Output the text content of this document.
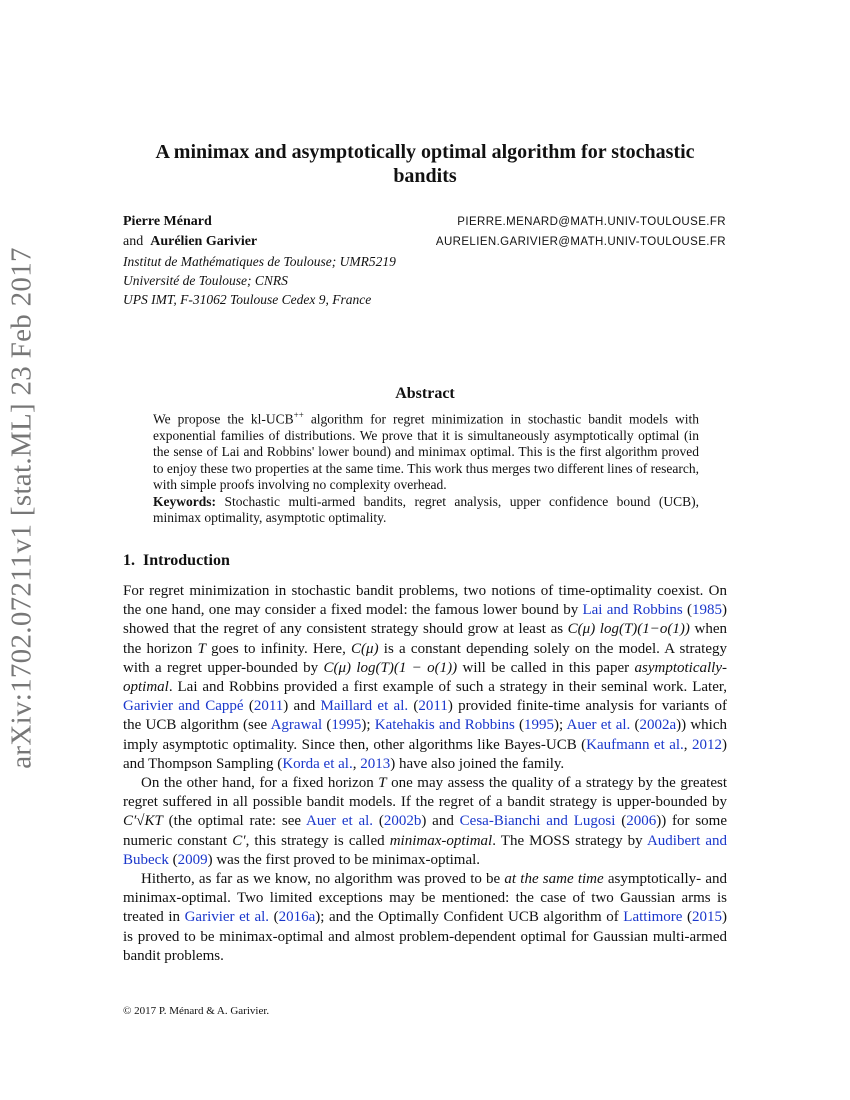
arXiv:1702.07211v1 [stat.ML] 23 Feb 2017
A minimax and asymptotically optimal algorithm for stochastic bandits
Pierre Ménard	PIERRE.MENARD@MATH.UNIV-TOULOUSE.FR
and Aurélien Garivier	AURELIEN.GARIVIER@MATH.UNIV-TOULOUSE.FR
Institut de Mathématiques de Toulouse; UMR5219
Université de Toulouse; CNRS
UPS IMT, F-31062 Toulouse Cedex 9, France
Abstract

We propose the kl-UCB++ algorithm for regret minimization in stochastic bandit models with exponential families of distributions. We prove that it is simultaneously asymptotically optimal (in the sense of Lai and Robbins' lower bound) and minimax optimal. This is the first algorithm proved to enjoy these two properties at the same time. This work thus merges two different lines of research, with simple proofs involving no complexity overhead.

Keywords: Stochastic multi-armed bandits, regret analysis, upper confidence bound (UCB), minimax optimality, asymptotic optimality.

1. Introduction

For regret minimization in stochastic bandit problems, two notions of time-optimality coexist. On the one hand, one may consider a fixed model: the famous lower bound by Lai and Robbins (1985) showed that the regret of any consistent strategy should grow at least as C(μ) log(T)(1−o(1)) when the horizon T goes to infinity. Here, C(μ) is a constant depending solely on the model. A strategy with a regret upper-bounded by C(μ) log(T)(1 − o(1)) will be called in this paper asymptotically-optimal. Lai and Robbins provided a first example of such a strategy in their seminal work. Later, Garivier and Cappé (2011) and Maillard et al. (2011) provided finite-time analysis for variants of the UCB algorithm (see Agrawal (1995); Katehakis and Robbins (1995); Auer et al. (2002a)) which imply asymptotic optimality. Since then, other algorithms like Bayes-UCB (Kaufmann et al., 2012) and Thompson Sampling (Korda et al., 2013) have also joined the family.

On the other hand, for a fixed horizon T one may assess the quality of a strategy by the greatest regret suffered in all possible bandit models. If the regret of a bandit strategy is upper-bounded by C′√KT (the optimal rate: see Auer et al. (2002b) and Cesa-Bianchi and Lugosi (2006)) for some numeric constant C′, this strategy is called minimax-optimal. The MOSS strategy by Audibert and Bubeck (2009) was the first proved to be minimax-optimal.

Hitherto, as far as we know, no algorithm was proved to be at the same time asymptotically- and minimax-optimal. Two limited exceptions may be mentioned: the case of two Gaussian arms is treated in Garivier et al. (2016a); and the Optimally Confident UCB algorithm of Lattimore (2015) is proved to be minimax-optimal and almost problem-dependent optimal for Gaussian multi-armed bandit problems.

© 2017 P. Ménard & A. Garivier.
